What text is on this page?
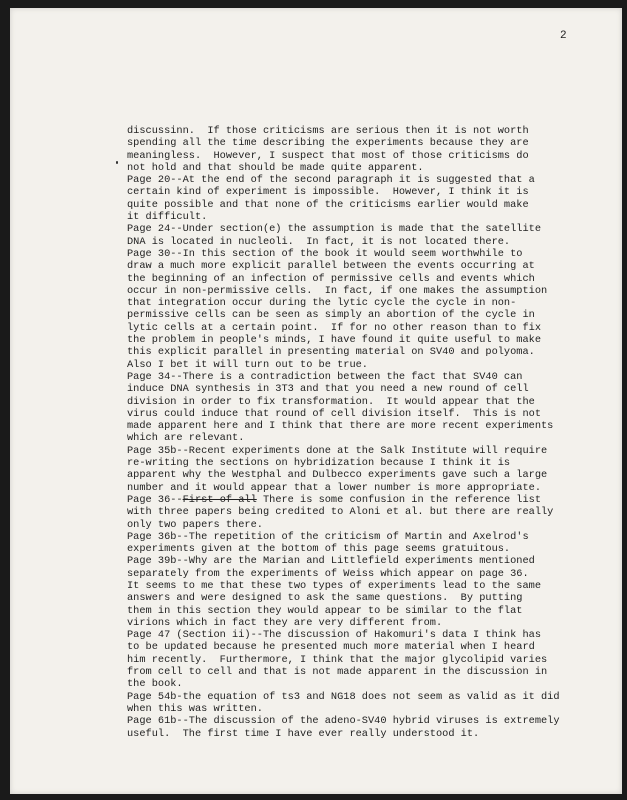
2
discussinn.  If those criticisms are serious then it is not worth
spending all the time describing the experiments because they are
meaningless.  However, I suspect that most of those criticisms do
not hold and that should be made quite apparent.
Page 20--At the end of the second paragraph it is suggested that a
certain kind of experiment is impossible.  However, I think it is
quite possible and that none of the criticisms earlier would make
it difficult.
Page 24--Under section(e) the assumption is made that the satellite
DNA is located in nucleoli.  In fact, it is not located there.
Page 30--In this section of the book it would seem worthwhile to
draw a much more explicit parallel between the events occurring at
the beginning of an infection of permissive cells and events which
occur in non-permissive cells.  In fact, if one makes the assumption
that integration occur during the lytic cycle the cycle in non-
permissive cells can be seen as simply an abortion of the cycle in
lytic cells at a certain point.  If for no other reason than to fix
the problem in people's minds, I have found it quite useful to make
this explicit parallel in presenting material on SV40 and polyoma.
Also I bet it will turn out to be true.
Page 34--There is a contradiction between the fact that SV40 can
induce DNA synthesis in 3T3 and that you need a new round of cell
division in order to fix transformation.  It would appear that the
virus could induce that round of cell division itself.  This is not
made apparent here and I think that there are more recent experiments
which are relevant.
Page 35b--Recent experiments done at the Salk Institute will require
re-writing the sections on hybridization because I think it is
apparent why the Westphal and Dulbecco experiments gave such a large
number and it would appear that a lower number is more appropriate.
Page 36--First of all There is some confusion in the reference list
with three papers being credited to Aloni et al. but there are really
only two papers there.
Page 36b--The repetition of the criticism of Martin and Axelrod's
experiments given at the bottom of this page seems gratuitous.
Page 39b--Why are the Marian and Littlefield experiments mentioned
separately from the experiments of Weiss which appear on page 36.
It seems to me that these two types of experiments lead to the same
answers and were designed to ask the same questions.  By putting
them in this section they would appear to be similar to the flat
virions which in fact they are very different from.
Page 47 (Section ii)--The discussion of Hakomuri's data I think has
to be updated because he presented much more material when I heard
him recently.  Furthermore, I think that the major glycolipid varies
from cell to cell and that is not made apparent in the discussion in
the book.
Page 54b-the equation of ts3 and NG18 does not seem as valid as it did
when this was written.
Page 61b--The discussion of the adeno-SV40 hybrid viruses is extremely
useful.  The first time I have ever really understood it.
